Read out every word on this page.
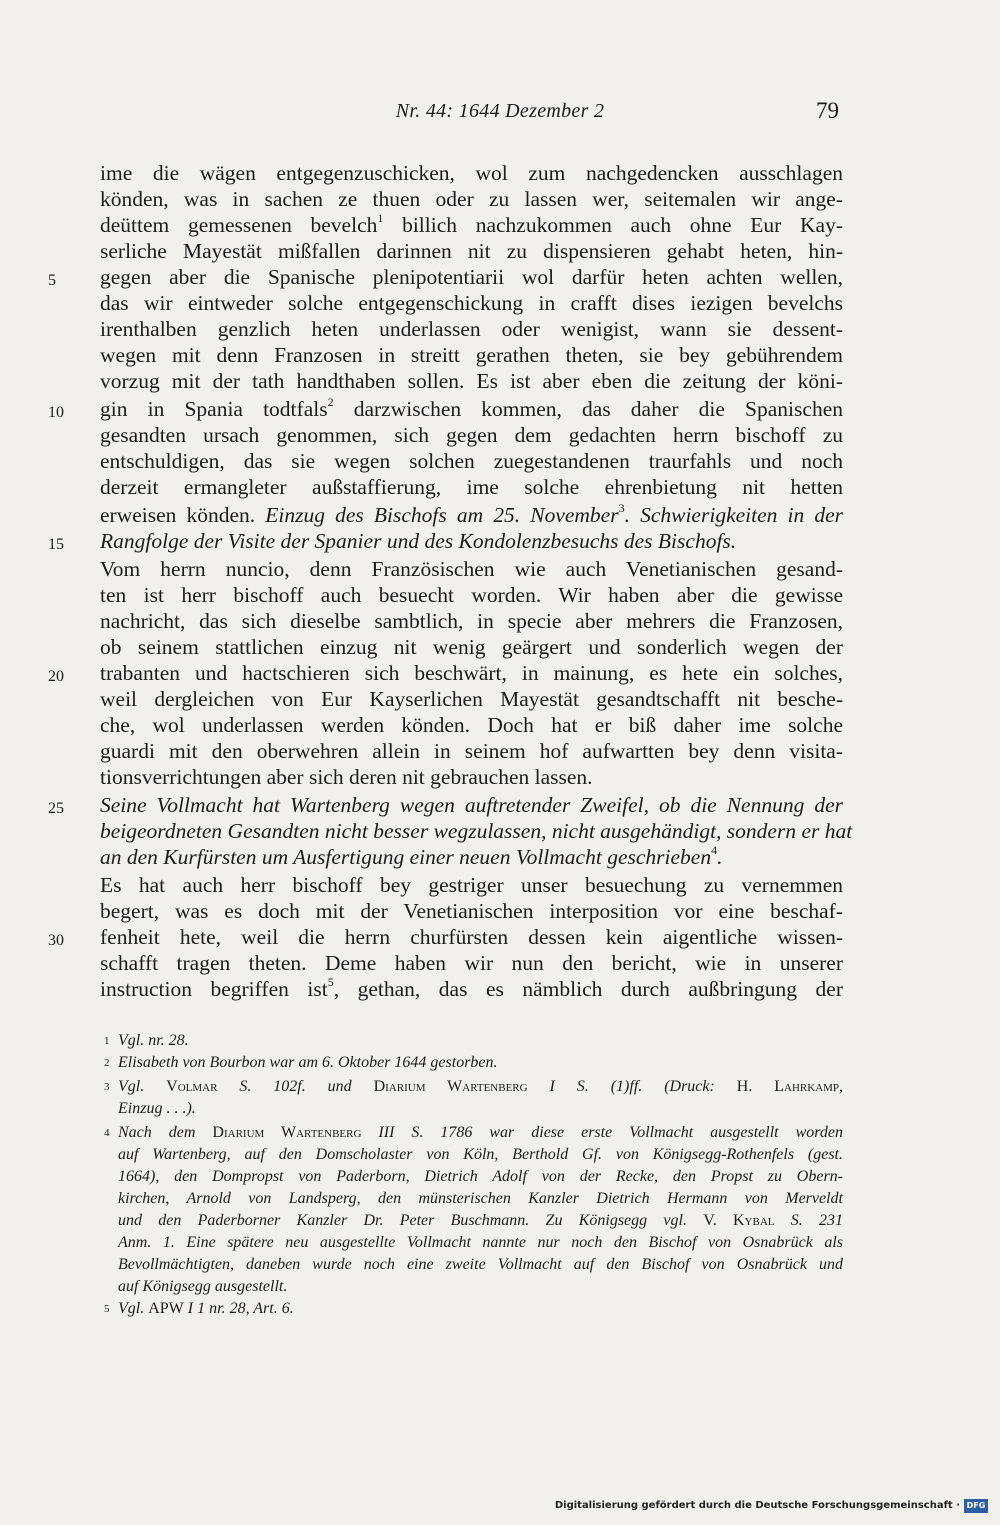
Nr. 44: 1644 Dezember 2	79
5
10
15
20
25
30
ime die wägen entgegenzuschicken, wol zum nachgedencken ausschlagen
könden, was in sachen ze thuen oder zu lassen wer, seitemalen wir ange-
deüttem gemessenen bevelch$^1$ billich nachzukommen auch ohne Eur Kay-
serliche Mayestät mißfallen darinnen nit zu dispensieren gehabt heten, hin-
gegen aber die Spanische plenipotentiarii wol darfür heten achten wellen,
das wir eintweder solche entgegenschickung in crafft dises iezigen bevelchs
irenthalben genzlich heten underlassen oder wenigist, wann sie dessent-
wegen mit denn Franzosen in streitt gerathen theten, sie bey gebührendem
vorzug mit der tath handthaben sollen. Es ist aber eben die zeitung der köni-
gin in Spania todtfals$^2$ darzwischen kommen, das daher die Spanischen
gesandten ursach genommen, sich gegen dem gedachten herrn bischoff zu
entschuldigen, das sie wegen solchen zuegestandenen traurfahls und noch
derzeit ermangleter außstaffierung, ime solche ehrenbietung nit hetten
erweisen könden. Einzug des Bischofs am 25. November$^3$. Schwierigkeiten in der
Rangfolge der Visite der Spanier und des Kondolenzbesuchs des Bischofs.
Vom herrn nuncio, denn Französischen wie auch Venetianischen gesand-
ten ist herr bischoff auch besuecht worden. Wir haben aber die gewisse
nachricht, das sich dieselbe sambtlich, in specie aber mehrers die Franzosen,
ob seinem stattlichen einzug nit wenig geärgert und sonderlich wegen der
trabanten und hactschieren sich beschwärt, in mainung, es hete ein solches,
weil dergleichen von Eur Kayserlichen Mayestät gesandtschafft nit besche-
che, wol underlassen werden könden. Doch hat er biß daher ime solche
guardi mit den oberwehren allein in seinem hof aufwartten bey denn visita-
tionsverrichtungen aber sich deren nit gebrauchen lassen.
Seine Vollmacht hat Wartenberg wegen auftretender Zweifel, ob die Nennung der
beigeordneten Gesandten nicht besser wegzulassen, nicht ausgehändigt, sondern er hat
an den Kurfürsten um Ausfertigung einer neuen Vollmacht geschrieben$^4$.
Es hat auch herr bischoff bey gestriger unser besuechung zu vernemmen
begert, was es doch mit der Venetianischen interposition vor eine beschaf-
fenheit hete, weil die herrn churfürsten dessen kein aigentliche wissen-
schafft tragen theten. Deme haben wir nun den bericht, wie in unserer
instruction begriffen ist$^5$, gethan, das es nämblich durch außbringung der
1 Vgl. nr. 28.
2 Elisabeth von Bourbon war am 6. Oktober 1644 gestorben.
3 Vgl. Volmar S. 102f. und Diarium Wartenberg I S. (1)ff. (Druck: H. Lahrkamp,
Einzug . . .).
4 Nach dem Diarium Wartenberg III S. 1786 war diese erste Vollmacht ausgestellt worden
auf Wartenberg, auf den Domscholaster von Köln, Berthold Gf. von Königsegg-Rothenfels (gest.
1664), den Dompropst von Paderborn, Dietrich Adolf von der Recke, den Propst zu Obern-
kirchen, Arnold von Landsperg, den münsterischen Kanzler Dietrich Hermann von Merveldt
und den Paderborner Kanzler Dr. Peter Buschmann. Zu Königsegg vgl. V. Kybal S. 231
Anm. 1. Eine spätere neu ausgestellte Vollmacht nannte nur noch den Bischof von Osnabrück als
Bevollmächtigten, daneben wurde noch eine zweite Vollmacht auf den Bischof von Osnabrück und
auf Königsegg ausgestellt.
5 Vgl. APW I 1 nr. 28, Art. 6.
Digitalisierung gefördert durch die Deutsche Forschungsgemeinschaft · DFG
